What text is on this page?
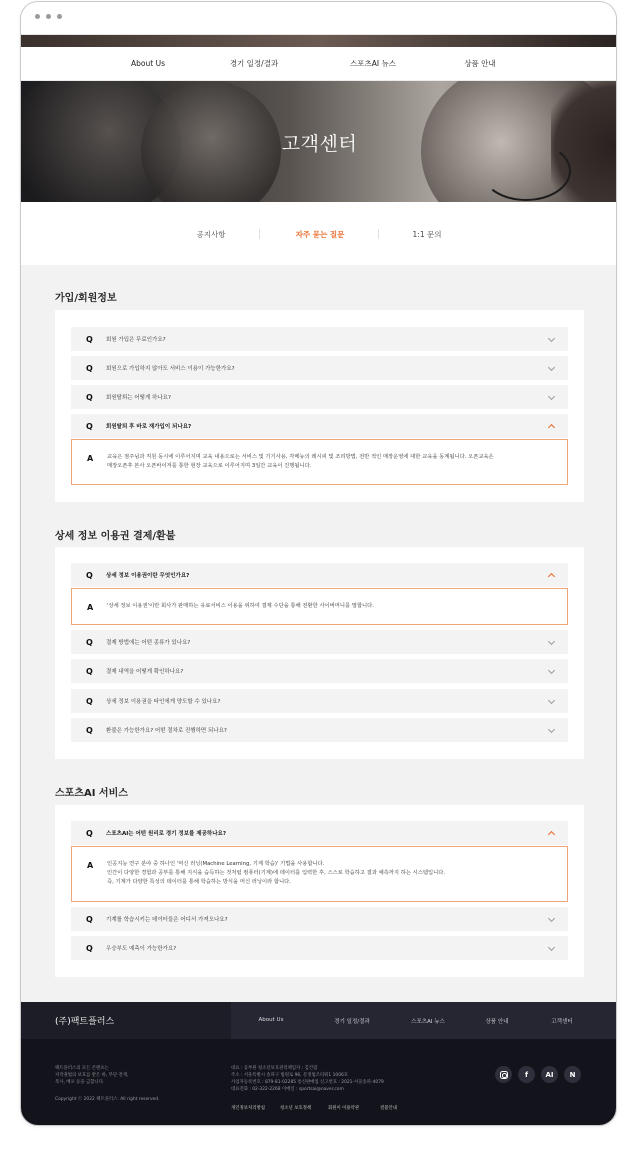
About Us	경기 일정/결과	스포츠AI 뉴스	상품 안내
고객센터
공지사항	자주 묻는 질문	1:1 문의
가입/회원정보
Q 회원 가입은 무료인가요?
Q 회원으로 가입하지 않아도 서비스 이용이 가능한가요?
Q 회원탈퇴는 어떻게 하나요?
Q 회원탈퇴 후 바로 재가입이 되나요?
A	교육은 점주님과 직원 동시에 이루어지며 교육 내용으로는 서비스 및 기기사용, 각메뉴의 레시피 및 조리방법, 전반 적인 매장운영에 대한 교육을 동계됩니다. 오픈교육은
매장오픈후 본사 오픈바이저를 통한 현장 교육으로 이루어지며 3일간 교육이 진행됩니다.
상세 정보 이용권 결제/환불
Q 상세 정보 이용권이란 무엇인가요?
A	'상세 정보 이용권'이란 회사가 판매하는 유료서비스 이용을 위하여 결제 수단을 통해 전환한 사이버머니를 말합니다.
Q 결제 방법에는 어떤 종류가 있나요?
Q 결제 내역을 어떻게 확인하나요?
Q 상세 정보 이용권을 타인에게 양도할 수 있나요?
Q 환불은 가능한가요? 어떤 절차로 진행하면 되나요?
스포츠AI 서비스
Q 스포츠AI는 어떤 원리로 경기 정보를 제공하나요?
A	인공지능 연구 분야 중 하나인 '머신 러닝(Machine Learning, 기계 학습)' 기법을 사용합니다.
인간이 다양한 경험과 공부를 통해 지식을 습득하는 것처럼 컴퓨터(기계)에 데이터를 입력한 후, 스스로 학습하고 결과 예측까지 하는 시스템입니다.
즉, 기계가 다양한 특성의 데이터를 통해 학습하는 방식을 머신 러닝이라 합니다.
Q 기계를 학습시키는 데이터들은 어디서 가져오나요?
Q 우승부도 예측이 가능한가요?
(주)팩트플러스	About Us	경기 일정/결과	스포츠AI 뉴스	상품 안내	고객센터
팩트플러스의 모든 콘텐츠는
저작권법의 보호를 받은 바, 무단 전재,
복사, 배포 등을 금합니다.
Copyright ⓒ 2022 팩트플러스. All right reserved.
대표 : 공부원 청소년보호관리책임자 : 김건엽
주소 : 서울특별시 송파구 법원로 96, 문정법조타워1 1006호
사업자등록번호 : 879-81-02285 통신판매업 신고번호 : 2021-서울송파-4079
대표전화 : 02-322-2268 이메일 : sportsai@naver.com
개인정보처리방침	청소년 보호정책	회원이 이용약관	결불안내
f	AI	N
